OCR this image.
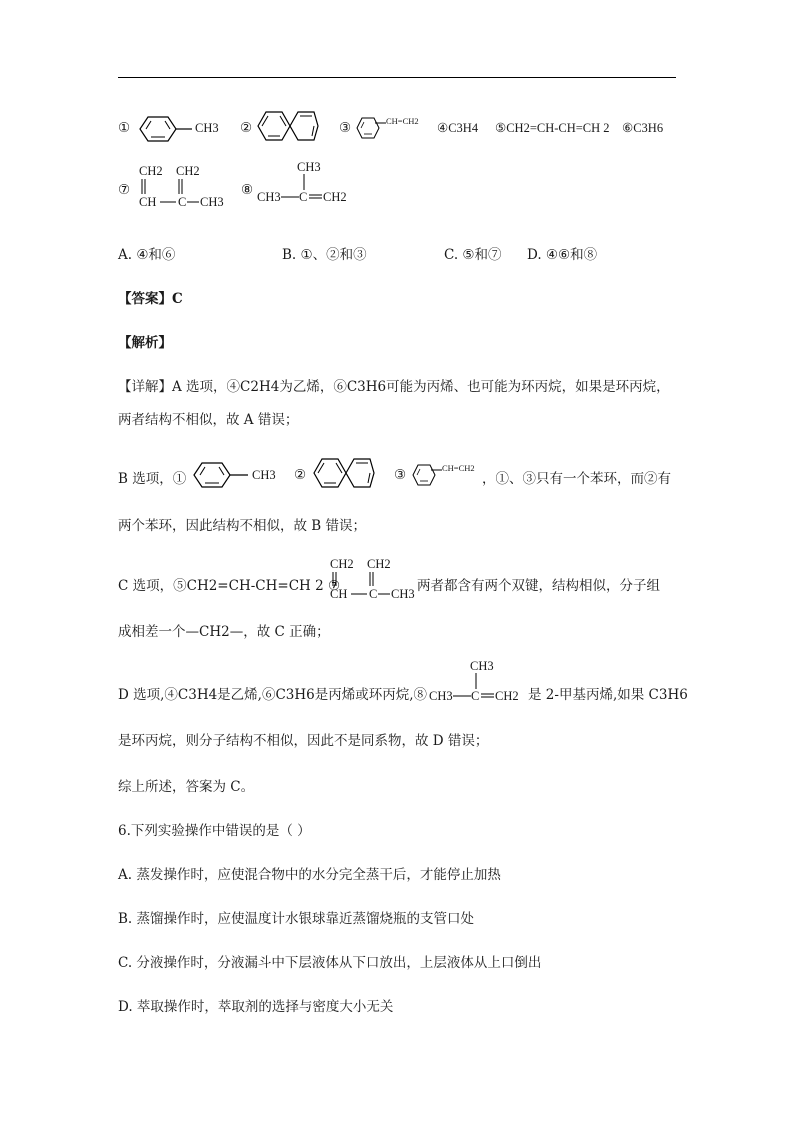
①	CH3 ②	③	CH=CH2 ④C3H4 ⑤CH2=CH-CH=CH 2 ⑥C3H6
⑦
CH2 CH2
CH C CH3
⑧
CH3
CH3 C CH2
A. ④和⑥	B. ①、②和③	C. ⑤和⑦ D. ④⑥和⑧
【答案】C
【解析】
【详解】A 选项，④C2H4为乙烯，⑥C3H6可能为丙烯、也可能为环丙烷，如果是环丙烷，
两者结构不相似，故 A 错误；
B 选项，①	CH3 ②	③	CH=CH2
，①、③只有一个苯环，而②有
两个苯环，因此结构不相似，故 B 错误；
C 选项，⑤CH2=CH-CH=CH 2 ⑦
CH2 CH2
CH C CH3 两者都含有两个双键，结构相似，分子组
成相差一个—CH2—，故 C 正确；
D 选项,④C3H4是乙烯,⑥C3H6是丙烯或环丙烷,⑧
CH3
CH3 C CH2 是 2-甲基丙烯,如果 C3H6
是环丙烷，则分子结构不相似，因此不是同系物，故 D 错误；
综上所述，答案为 C。
6.下列实验操作中错误的是（ ）
A. 蒸发操作时，应使混合物中的水分完全蒸干后，才能停止加热
B. 蒸馏操作时，应使温度计水银球靠近蒸馏烧瓶的支管口处
C. 分液操作时，分液漏斗中下层液体从下口放出，上层液体从上口倒出
D. 萃取操作时，萃取剂的选择与密度大小无关
